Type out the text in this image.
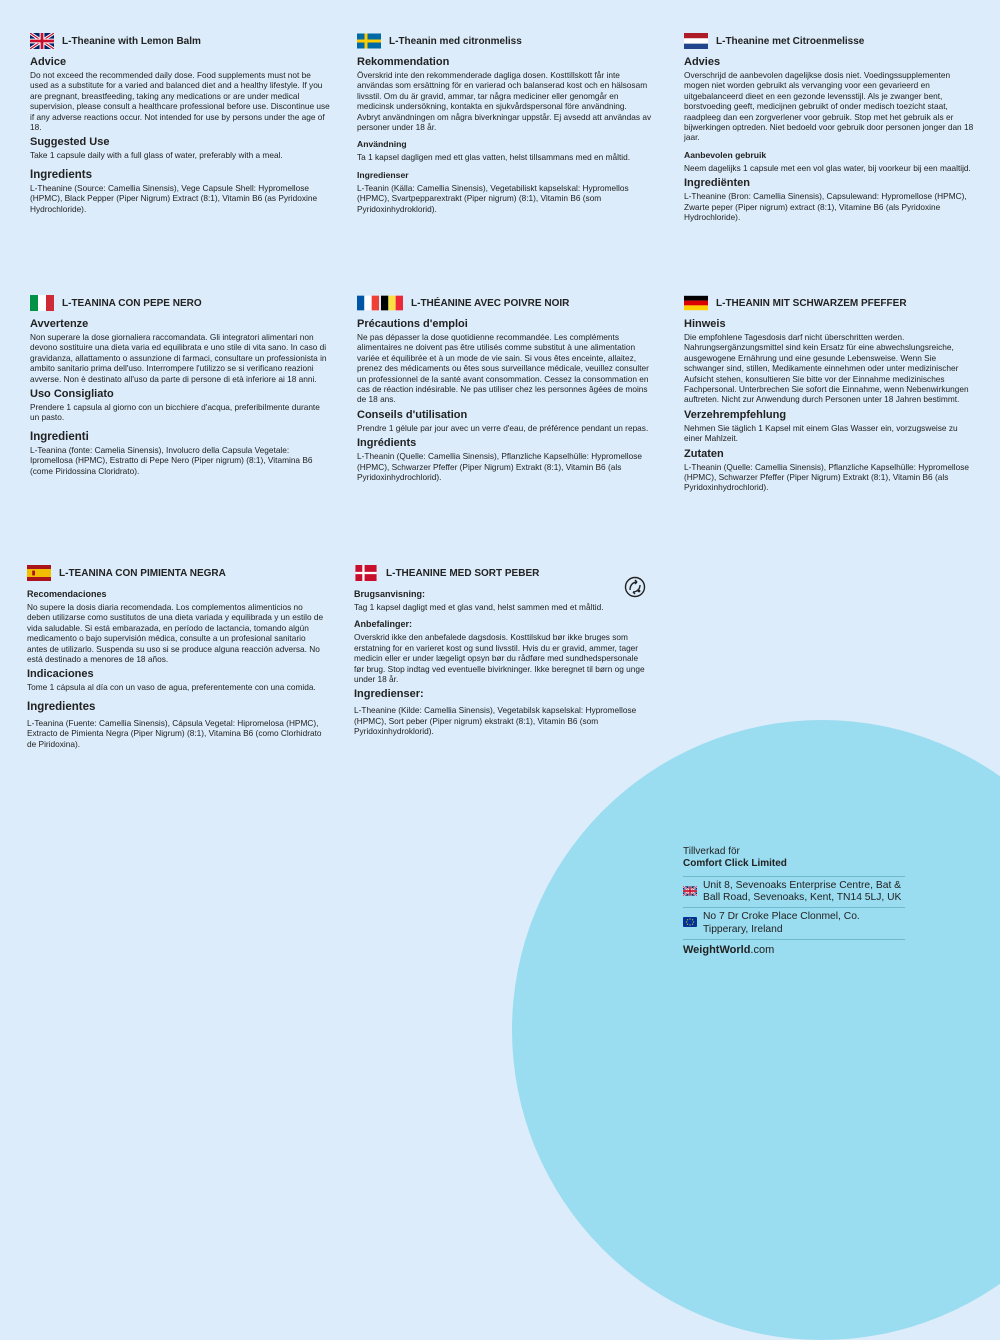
L-Theanine with Lemon Balm
Advice

Do not exceed the recommended daily dose. Food supplements must not be used as a substitute for a varied and balanced diet and a healthy lifestyle. If you are pregnant, breastfeeding, taking any medications or are under medical supervision, please consult a healthcare professional before use. Discontinue use if any adverse reactions occur. Not intended for use by persons under the age of 18.

Suggested Use

Take 1 capsule daily with a full glass of water, preferably with a meal.

Ingredients

L-Theanine (Source: Camellia Sinensis), Vege Capsule Shell: Hypromellose (HPMC), Black Pepper (Piper Nigrum) Extract (8:1), Vitamin B6 (as Pyridoxine Hydrochloride).

L-Theanin med citronmeliss
Rekommendation

Överskrid inte den rekommenderade dagliga dosen. Kosttillskott får inte användas som ersättning för en varierad och balanserad kost och en hälsosam livsstil. Om du är gravid, ammar, tar några mediciner eller genomgår en medicinsk undersökning, kontakta en sjukvårdspersonal före användning. Avbryt användningen om några biverkningar uppstår. Ej avsedd att användas av personer under 18 år.

Användning

Ta 1 kapsel dagligen med ett glas vatten, helst tillsammans med en måltid.

Ingredienser

L-Teanin (Källa: Camellia Sinensis), Vegetabiliskt kapselskal: Hypromellos (HPMC), Svartpepparextrakt (Piper nigrum) (8:1), Vitamin B6 (som Pyridoxinhydroklorid).

L-Theanine met Citroenmelisse
Advies

Overschrijd de aanbevolen dagelijkse dosis niet. Voedingssupplementen mogen niet worden gebruikt als vervanging voor een gevarieerd en uitgebalanceerd dieet en een gezonde levensstijl. Als je zwanger bent, borstvoeding geeft, medicijnen gebruikt of onder medisch toezicht staat, raadpleeg dan een zorgverlener voor gebruik. Stop met het gebruik als er bijwerkingen optreden. Niet bedoeld voor gebruik door personen jonger dan 18 jaar.

Aanbevolen gebruik

Neem dagelijks 1 capsule met een vol glas water, bij voorkeur bij een maaltijd.

Ingrediënten

L-Theanine (Bron: Camellia Sinensis), Capsulewand: Hypromellose (HPMC), Zwarte peper (Piper nigrum) extract (8:1), Vitamine B6 (als Pyridoxine Hydrochloride).

L-TEANINA CON PEPE NERO
Avvertenze

Non superare la dose giornaliera raccomandata. Gli integratori alimentari non devono sostituire una dieta varia ed equilibrata e uno stile di vita sano. In caso di gravidanza, allattamento o assunzione di farmaci, consultare un professionista in ambito sanitario prima dell'uso. Interrompere l'utilizzo se si verificano reazioni avverse. Non è destinato all'uso da parte di persone di età inferiore ai 18 anni.

Uso Consigliato

Prendere 1 capsula al giorno con un bicchiere d'acqua, preferibilmente durante un pasto.

Ingredienti

L-Teanina (fonte: Camelia Sinensis), Involucro della Capsula Vegetale: Ipromellosa (HPMC), Estratto di Pepe Nero (Piper nigrum) (8:1), Vitamina B6 (come Piridossina Cloridrato).

L-THÉANINE AVEC POIVRE NOIR
Précautions d'emploi

Ne pas dépasser la dose quotidienne recommandée. Les compléments alimentaires ne doivent pas être utilisés comme substitut à une alimentation variée et équilibrée et à un mode de vie sain. Si vous êtes enceinte, allaitez, prenez des médicaments ou êtes sous surveillance médicale, veuillez consulter un professionnel de la santé avant consommation. Cessez la consommation en cas de réaction indésirable. Ne pas utiliser chez les personnes âgées de moins de 18 ans.

Conseils d'utilisation

Prendre 1 gélule par jour avec un verre d'eau, de préférence pendant un repas.

Ingrédients

L-Theanin (Quelle: Camellia Sinensis), Pflanzliche Kapselhülle: Hypromellose (HPMC), Schwarzer Pfeffer (Piper Nigrum) Extrakt (8:1), Vitamin B6 (als Pyridoxinhydrochlorid).

L-THEANIN MIT SCHWARZEM PFEFFER
Hinweis

Die empfohlene Tagesdosis darf nicht überschritten werden. Nahrungsergänzungsmittel sind kein Ersatz für eine abwechslungsreiche, ausgewogene Ernährung und eine gesunde Lebensweise. Wenn Sie schwanger sind, stillen, Medikamente einnehmen oder unter medizinischer Aufsicht stehen, konsultieren Sie bitte vor der Einnahme medizinisches Fachpersonal. Unterbrechen Sie sofort die Einnahme, wenn Nebenwirkungen auftreten. Nicht zur Anwendung durch Personen unter 18 Jahren bestimmt.

Verzehrempfehlung

Nehmen Sie täglich 1 Kapsel mit einem Glas Wasser ein, vorzugsweise zu einer Mahlzeit.

Zutaten

L-Theanin (Quelle: Camellia Sinensis), Pflanzliche Kapselhülle: Hypromellose (HPMC), Schwarzer Pfeffer (Piper Nigrum) Extrakt (8:1), Vitamin B6 (als Pyridoxinhydrochlorid).

L-TEANINA CON PIMIENTA NEGRA
Recomendaciones

No supere la dosis diaria recomendada. Los complementos alimenticios no deben utilizarse como sustitutos de una dieta variada y equilibrada y un estilo de vida saludable. Si está embarazada, en período de lactancia, tomando algún medicamento o bajo supervisión médica, consulte a un profesional sanitario antes de utilizarlo. Suspenda su uso si se produce alguna reacción adversa. No está destinado a menores de 18 años.

Indicaciones

Tome 1 cápsula al día con un vaso de agua, preferentemente con una comida.

Ingredientes

L-Teanina (Fuente: Camellia Sinensis), Cápsula Vegetal: Hipromelosa (HPMC), Extracto de Pimienta Negra (Piper Nigrum) (8:1), Vitamina B6 (como Clorhidrato de Piridoxina).

L-THEANINE MED SORT PEBER
Brugsanvisning:

Tag 1 kapsel dagligt med et glas vand, helst sammen med et måltid.

Anbefalinger:

Overskrid ikke den anbefalede dagsdosis. Kosttilskud bør ikke bruges som erstatning for en varieret kost og sund livsstil. Hvis du er gravid, ammer, tager medicin eller er under lægeligt opsyn bør du rådføre med sundhedspersonale før brug. Stop indtag ved eventuelle bivirkninger. Ikke beregnet til børn og unge under 18 år.

Ingredienser:

L-Theanine (Kilde: Camellia Sinensis), Vegetabilsk kapselskal: Hypromellose (HPMC), Sort peber (Piper nigrum) ekstrakt (8:1), Vitamin B6 (som Pyridoxinhydroklorid).

Tillverkad för
Comfort Click Limited
Unit 8, Sevenoaks Enterprise Centre, Bat & Ball Road, Sevenoaks, Kent, TN14 5LJ, UK
No 7 Dr Croke Place Clonmel, Co. Tipperary, Ireland
WeightWorld.com
